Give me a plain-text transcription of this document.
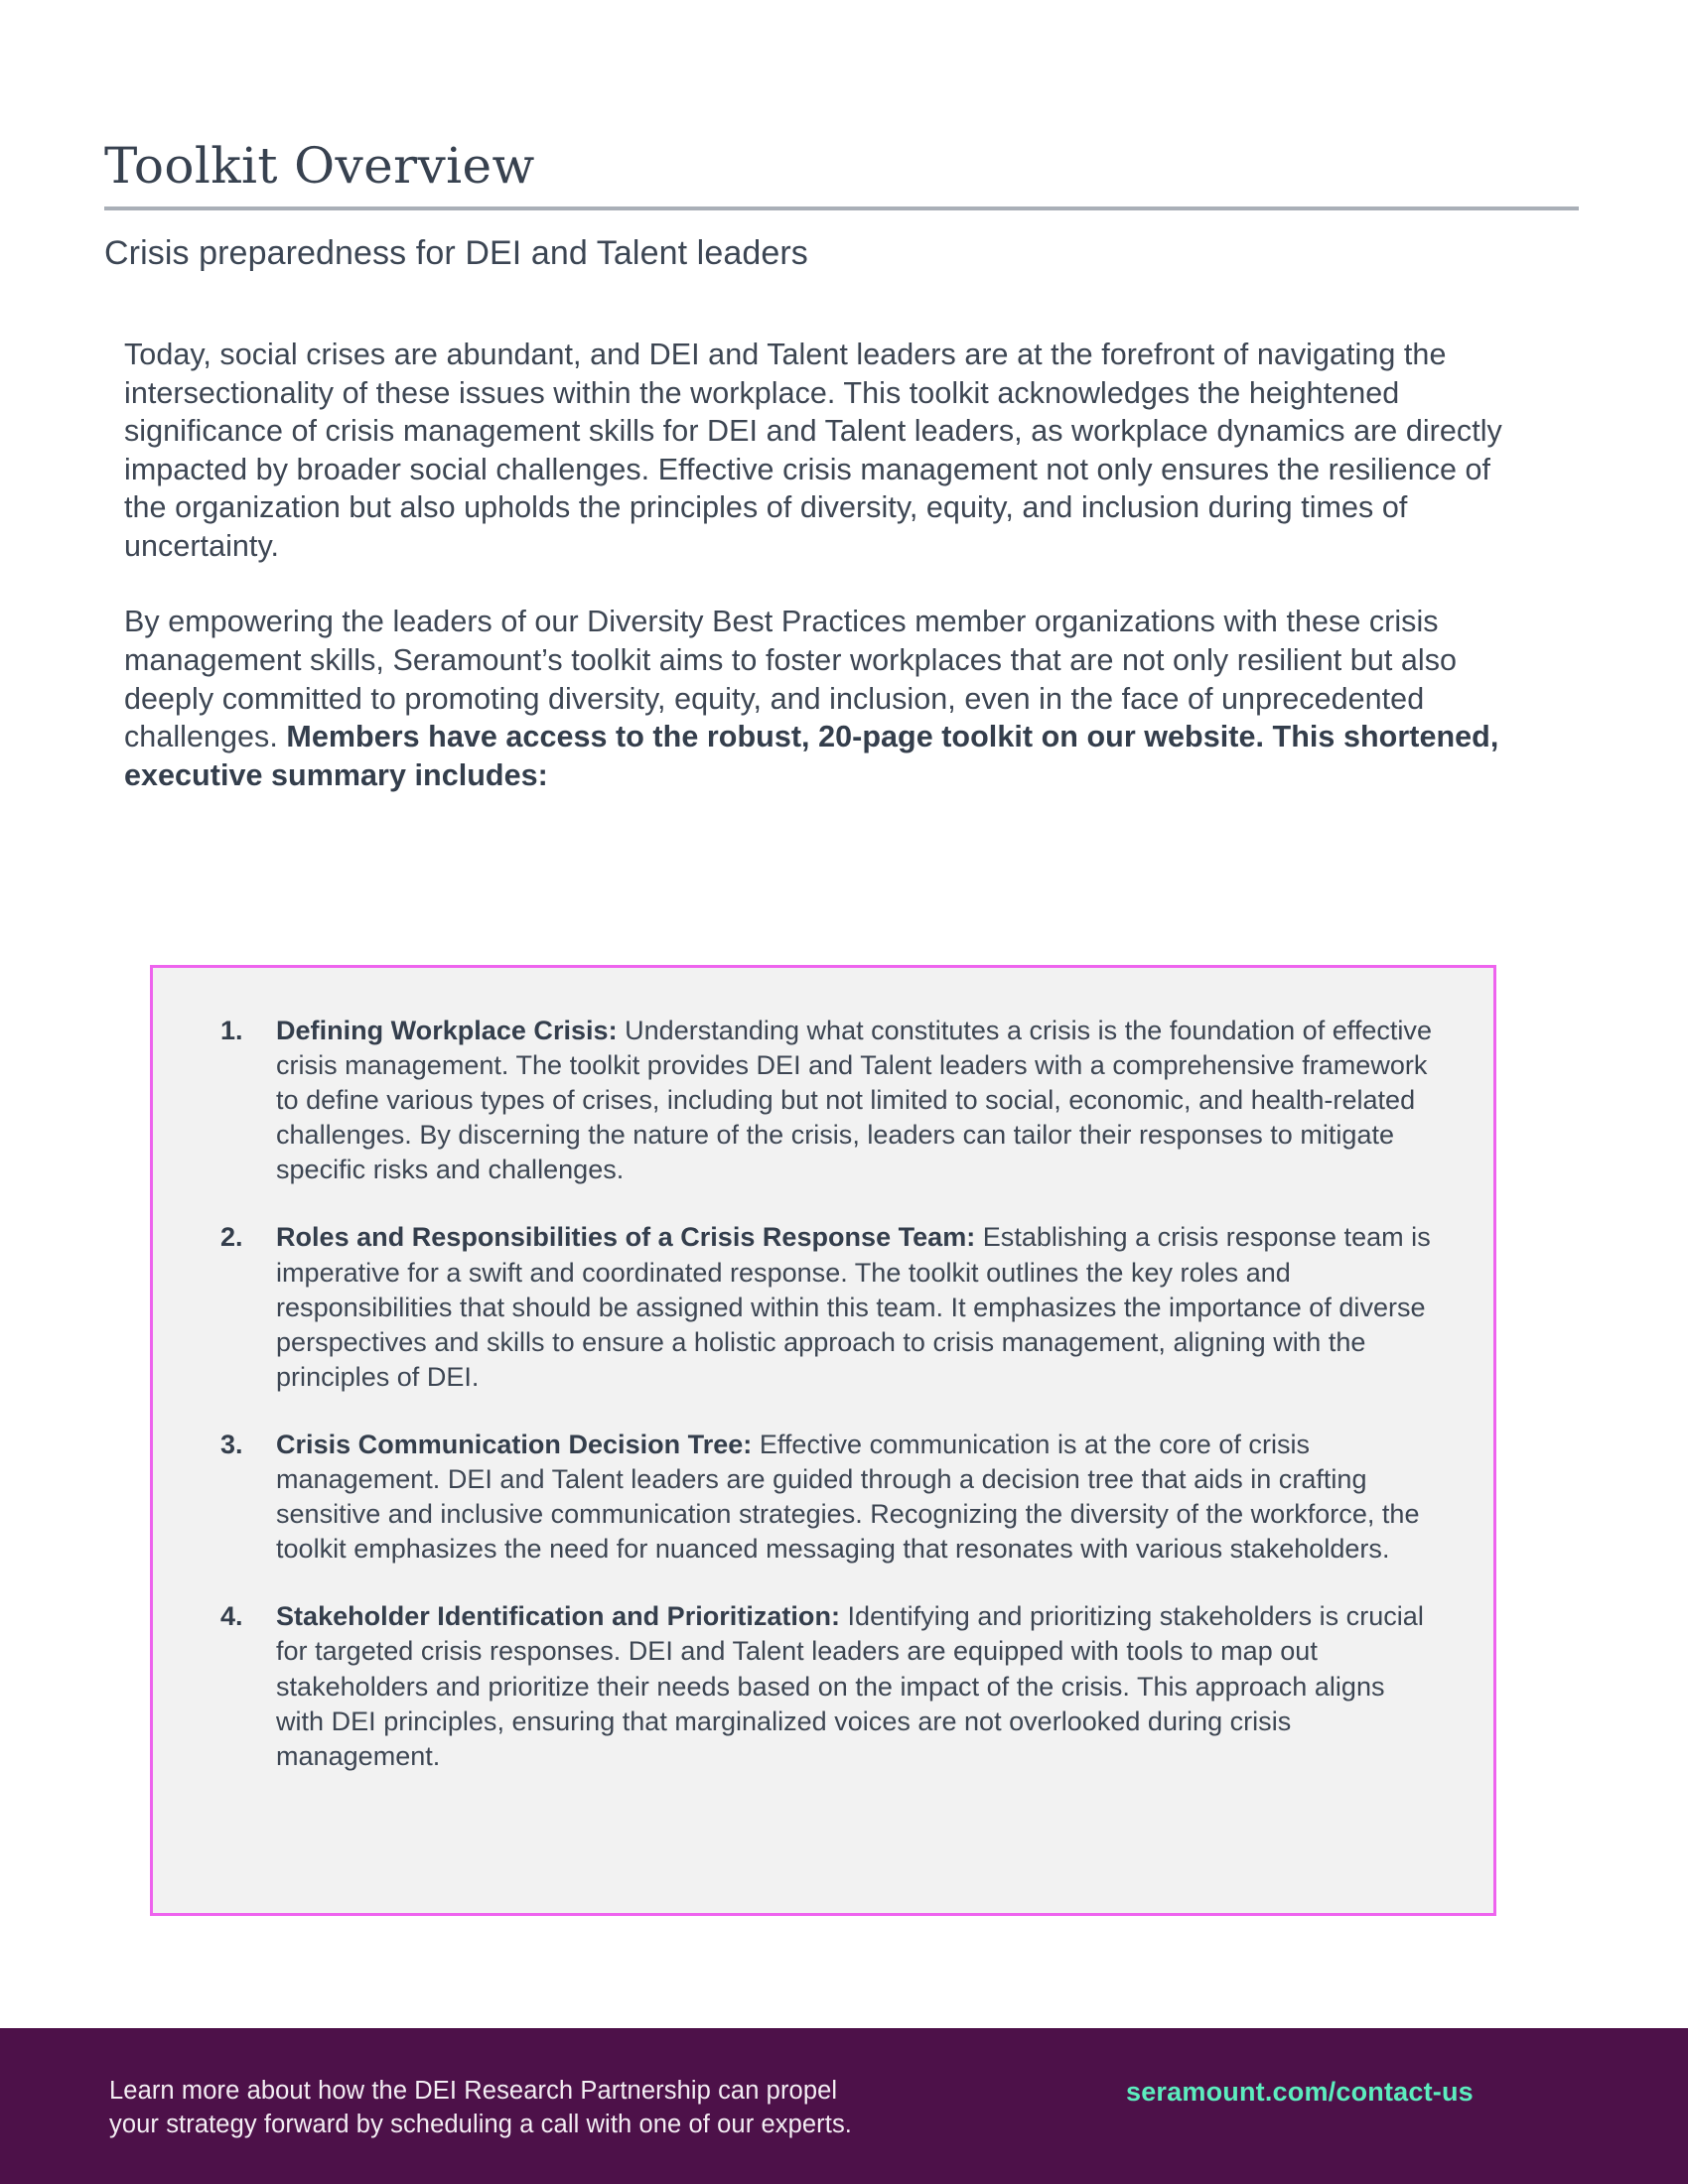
Toolkit Overview
Crisis preparedness for DEI and Talent leaders

Today, social crises are abundant, and DEI and Talent leaders are at the forefront of navigating the intersectionality of these issues within the workplace. This toolkit acknowledges the heightened significance of crisis management skills for DEI and Talent leaders, as workplace dynamics are directly impacted by broader social challenges. Effective crisis management not only ensures the resilience of the organization but also upholds the principles of diversity, equity, and inclusion during times of uncertainty.

By empowering the leaders of our Diversity Best Practices member organizations with these crisis management skills, Seramount’s toolkit aims to foster workplaces that are not only resilient but also deeply committed to promoting diversity, equity, and inclusion, even in the face of unprecedented challenges. Members have access to the robust, 20-page toolkit on our website. This shortened, executive summary includes:

Defining Workplace Crisis: Understanding what constitutes a crisis is the foundation of effective crisis management. The toolkit provides DEI and Talent leaders with a comprehensive framework to define various types of crises, including but not limited to social, economic, and health-related challenges. By discerning the nature of the crisis, leaders can tailor their responses to mitigate specific risks and challenges.
Roles and Responsibilities of a Crisis Response Team: Establishing a crisis response team is imperative for a swift and coordinated response. The toolkit outlines the key roles and responsibilities that should be assigned within this team. It emphasizes the importance of diverse perspectives and skills to ensure a holistic approach to crisis management, aligning with the principles of DEI.
Crisis Communication Decision Tree: Effective communication is at the core of crisis management. DEI and Talent leaders are guided through a decision tree that aids in crafting sensitive and inclusive communication strategies. Recognizing the diversity of the workforce, the toolkit emphasizes the need for nuanced messaging that resonates with various stakeholders.
Stakeholder Identification and Prioritization: Identifying and prioritizing stakeholders is crucial for targeted crisis responses. DEI and Talent leaders are equipped with tools to map out stakeholders and prioritize their needs based on the impact of the crisis. This approach aligns with DEI principles, ensuring that marginalized voices are not overlooked during crisis management.
Learn more about how the DEI Research Partnership can propel
your strategy forward by scheduling a call with one of our experts.
seramount.com/contact-us
